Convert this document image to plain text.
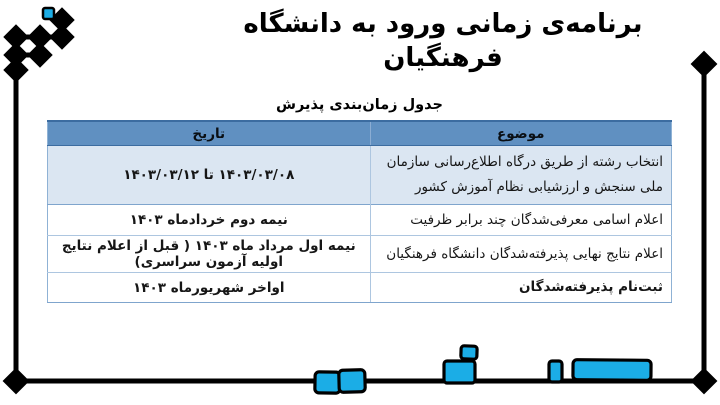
برنامه‌ی زمانی ورود به دانشگاه فرهنگیان
جدول زمان‌بندی پذیرش
موضوع	تاریخ
انتخاب رشته از طریق درگاه اطلاع‌رسانی سازمان ملی سنجش و ارزشیابی نظام آموزش کشور	۱۴۰۳/۰۳/۰۸ تا ۱۴۰۳/۰۳/۱۲
اعلام اسامی معرفی‌شدگان چند برابر ظرفیت	نیمه دوم خردادماه ۱۴۰۳
اعلام نتایج نهایی پذیرفته‌شدگان دانشگاه فرهنگیان	نیمه اول مرداد ماه ۱۴۰۳ ( قبل از اعلام نتایج اولیه آزمون سراسری)
ثبت‌نام پذیرفته‌شدگان	اواخر شهریورماه ۱۴۰۳
